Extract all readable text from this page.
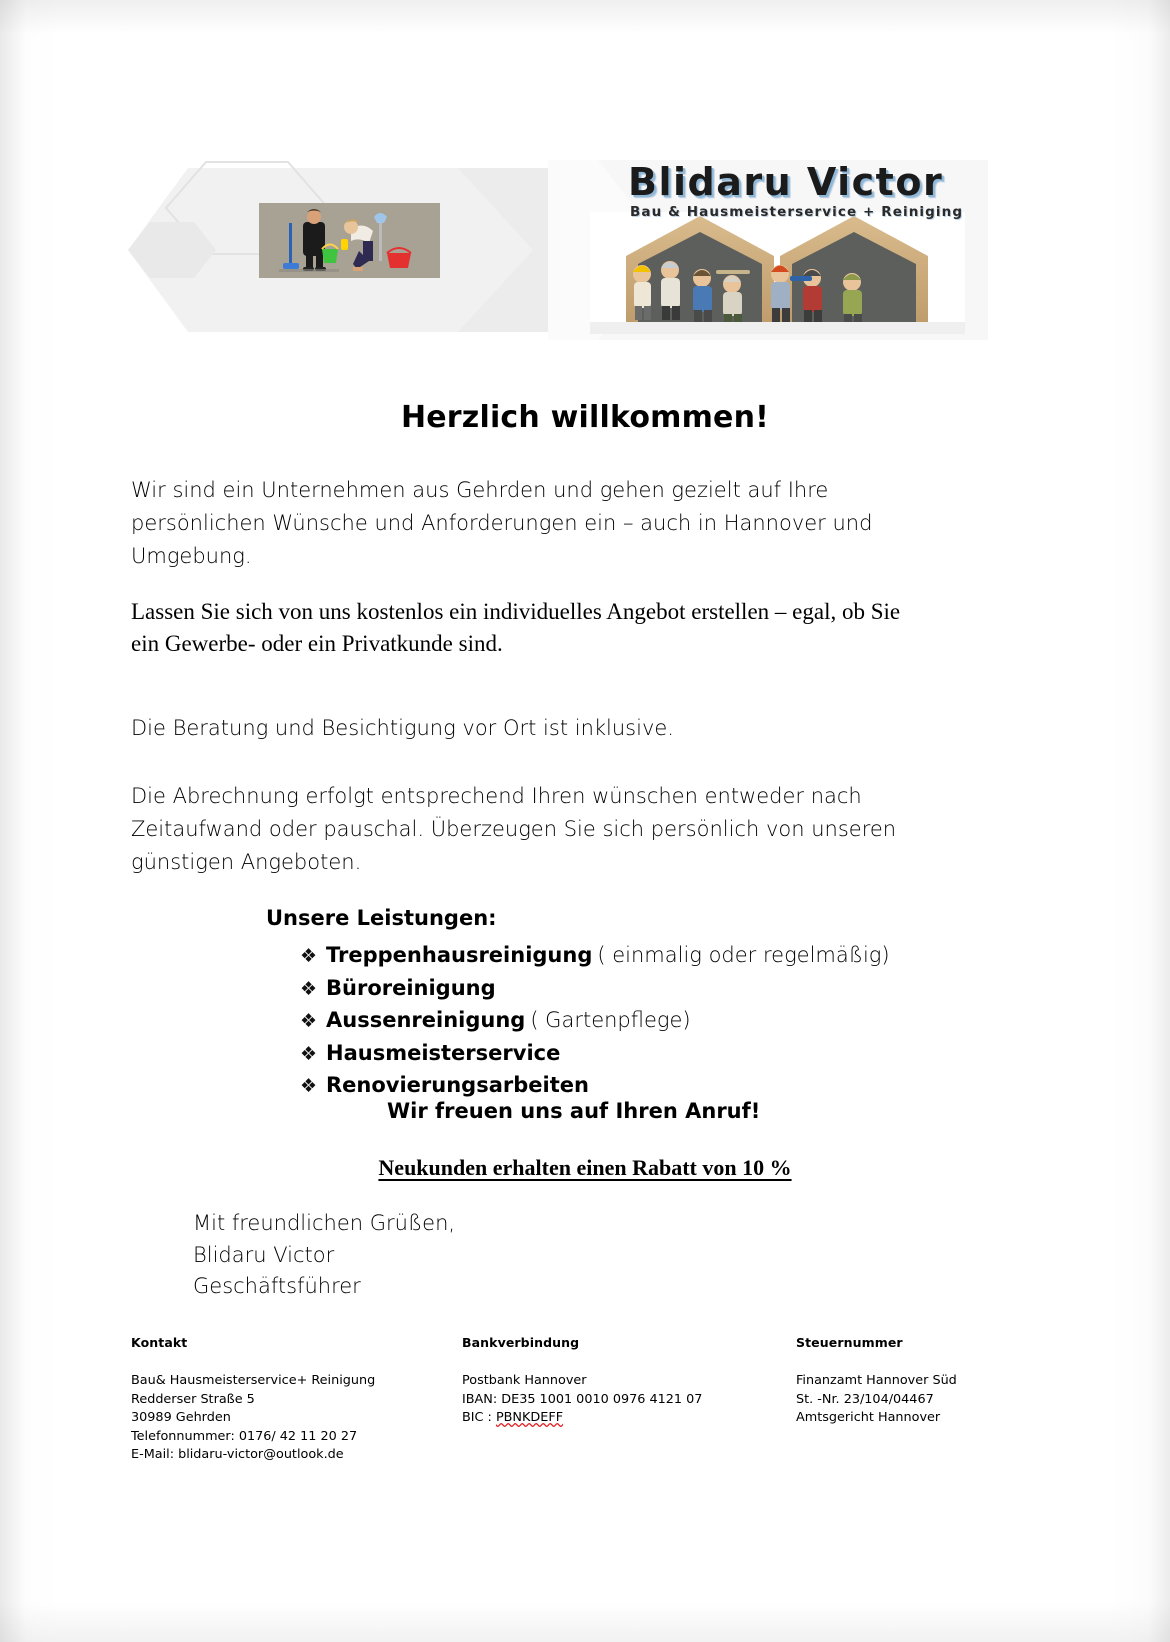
Blidaru Victor
Bau & Hausmeisterservice + Reiniging
Herzlich willkommen!
Wir sind ein Unternehmen aus Gehrden und gehen gezielt auf Ihre persönlichen Wünsche und Anforderungen ein – auch in Hannover und Umgebung.
Lassen Sie sich von uns kostenlos ein individuelles Angebot erstellen – egal, ob Sie ein Gewerbe- oder ein Privatkunde sind.
Die Beratung und Besichtigung vor Ort ist inklusive.
Die Abrechnung erfolgt entsprechend Ihren wünschen entweder nach Zeitaufwand oder pauschal. Überzeugen Sie sich persönlich von unseren günstigen Angeboten.
Unsere Leistungen:
❖ Treppenhausreinigung ( einmalig oder regelmäßig)
❖ Büroreinigung
❖ Aussenreinigung ( Gartenpflege)
❖ Hausmeisterservice
❖ Renovierungsarbeiten
Wir freuen uns auf Ihren Anruf!
Neukunden erhalten einen Rabatt von 10 %
Mit freundlichen Grüßen,
Blidaru Victor
Geschäftsführer
Kontakt
Bau& Hausmeisterservice+ Reinigung
Redderser Straße 5
30989 Gehrden
Telefonnummer: 0176/ 42 11 20 27
E-Mail: blidaru-victor@outlook.de
Bankverbindung
Postbank Hannover
IBAN: DE35 1001 0010 0976 4121 07
BIC : PBNKDEFF
Steuernummer
Finanzamt Hannover Süd
St. -Nr. 23/104/04467
Amtsgericht Hannover
